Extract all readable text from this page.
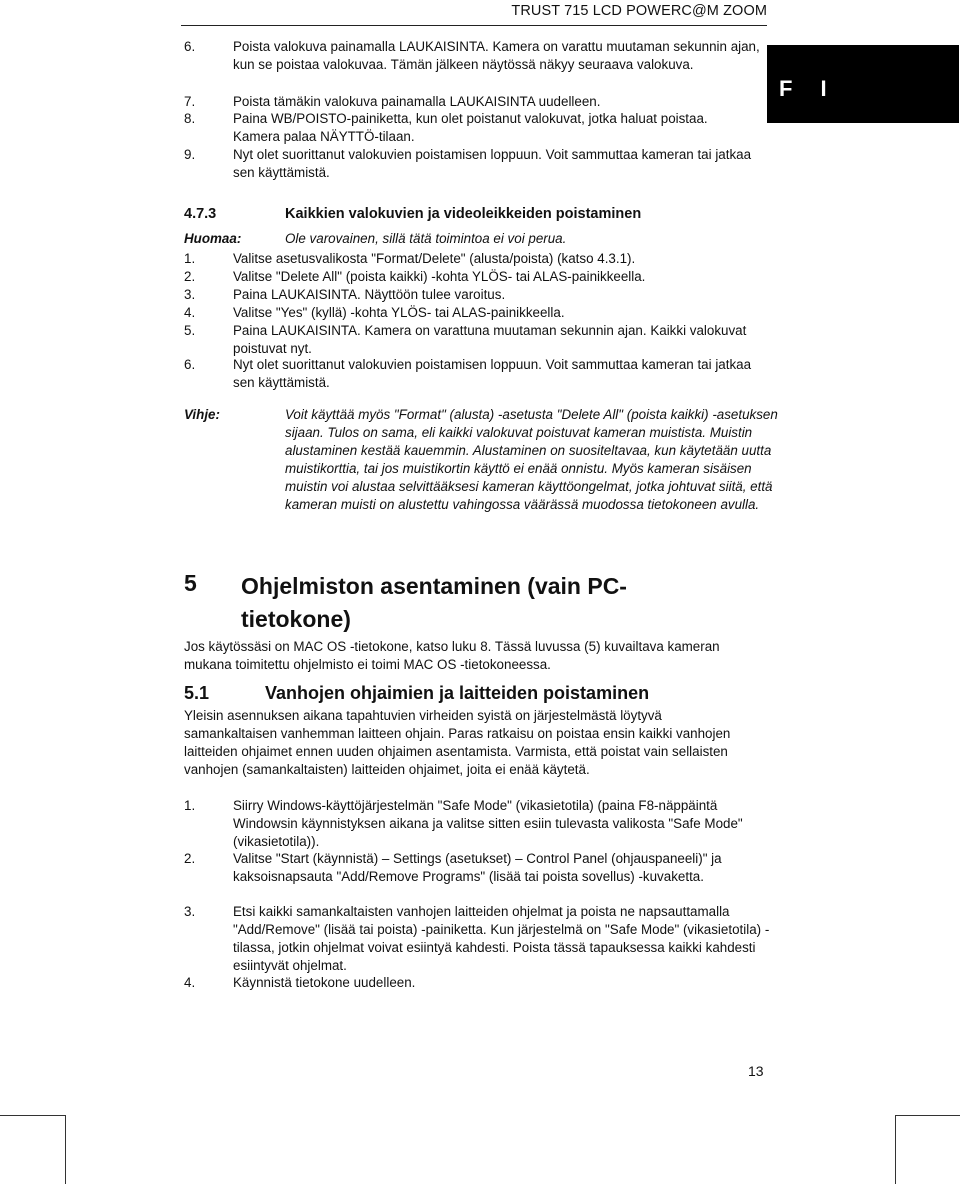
TRUST 715 LCD POWERC@M ZOOM
F I
6.	Poista valokuva painamalla LAUKAISINTA. Kamera on varattu muutaman sekunnin ajan, kun se poistaa valokuvaa. Tämän jälkeen näytössä näkyy seuraava valokuva.
7.	Poista tämäkin valokuva painamalla LAUKAISINTA uudelleen.
8.	Paina WB/POISTO-painiketta, kun olet poistanut valokuvat, jotka haluat poistaa. Kamera palaa NÄYTTÖ-tilaan.
9.	Nyt olet suorittanut valokuvien poistamisen loppuun. Voit sammuttaa kameran tai jatkaa sen käyttämistä.
4.7.3	Kaikkien valokuvien ja videoleikkeiden poistaminen
Huomaa:	Ole varovainen, sillä tätä toimintoa ei voi perua.
1.	Valitse asetusvalikosta "Format/Delete" (alusta/poista) (katso 4.3.1).
2.	Valitse "Delete All" (poista kaikki) -kohta YLÖS- tai ALAS-painikkeella.
3.	Paina LAUKAISINTA. Näyttöön tulee varoitus.
4.	Valitse "Yes" (kyllä) -kohta YLÖS- tai ALAS-painikkeella.
5.	Paina LAUKAISINTA. Kamera on varattuna muutaman sekunnin ajan. Kaikki valokuvat poistuvat nyt.
6.	Nyt olet suorittanut valokuvien poistamisen loppuun. Voit sammuttaa kameran tai jatkaa sen käyttämistä.
Vihje:	Voit käyttää myös "Format" (alusta) -asetusta "Delete All" (poista kaikki) -asetuksen sijaan. Tulos on sama, eli kaikki valokuvat poistuvat kameran muistista. Muistin alustaminen kestää kauemmin. Alustaminen on suositeltavaa, kun käytetään uutta muistikorttia, tai jos muistikortin käyttö ei enää onnistu. Myös kameran sisäisen muistin voi alustaa selvittääksesi kameran käyttöongelmat, jotka johtuvat siitä, että kameran muisti on alustettu vahingossa väärässä muodossa tietokoneen avulla.
5 Ohjelmiston asentaminen (vain PC-tietokone)
Jos käytössäsi on MAC OS -tietokone, katso luku 8. Tässä luvussa (5) kuvailtava kameran mukana toimitettu ohjelmisto ei toimi MAC OS -tietokoneessa.
5.1	Vanhojen ohjaimien ja laitteiden poistaminen
Yleisin asennuksen aikana tapahtuvien virheiden syistä on järjestelmästä löytyvä samankaltaisen vanhemman laitteen ohjain. Paras ratkaisu on poistaa ensin kaikki vanhojen laitteiden ohjaimet ennen uuden ohjaimen asentamista. Varmista, että poistat vain sellaisten vanhojen (samankaltaisten) laitteiden ohjaimet, joita ei enää käytetä.
1.	Siirry Windows-käyttöjärjestelmän "Safe Mode" (vikasietotila) (paina F8-näppäintä Windowsin käynnistyksen aikana ja valitse sitten esiin tulevasta valikosta "Safe Mode" (vikasietotila)).
2.	Valitse "Start (käynnistä) – Settings (asetukset) – Control Panel (ohjauspaneeli)" ja kaksoisnapsauta "Add/Remove Programs" (lisää tai poista sovellus) -kuvaketta.
3.	Etsi kaikki samankaltaisten vanhojen laitteiden ohjelmat ja poista ne napsauttamalla "Add/Remove" (lisää tai poista) -painiketta. Kun järjestelmä on "Safe Mode" (vikasietotila) -tilassa, jotkin ohjelmat voivat esiintyä kahdesti. Poista tässä tapauksessa kaikki kahdesti esiintyvät ohjelmat.
4.	Käynnistä tietokone uudelleen.
13
